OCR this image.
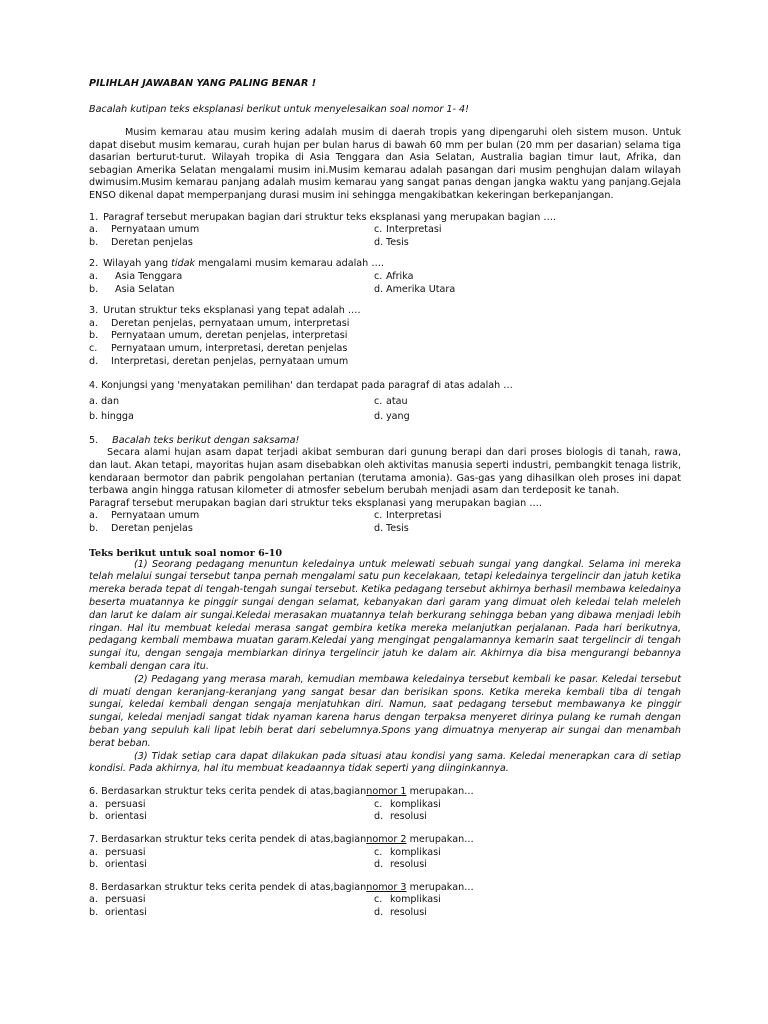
PILIHLAH JAWABAN YANG PALING BENAR !

Bacalah kutipan teks eksplanasi berikut untuk menyelesaikan soal nomor 1- 4!

Musim kemarau atau musim kering adalah musim di daerah tropis yang dipengaruhi oleh sistem muson. Untuk dapat disebut musim kemarau, curah hujan per bulan harus di bawah 60 mm per bulan (20 mm per dasarian) selama tiga dasarian berturut-turut. Wilayah tropika di Asia Tenggara dan Asia Selatan, Australia bagian timur laut, Afrika, dan sebagian Amerika Selatan mengalami musim ini.Musim kemarau adalah pasangan dari musim penghujan dalam wilayah dwimusim.Musim kemarau panjang adalah musim kemarau yang sangat panas dengan jangka waktu yang panjang.Gejala ENSO dikenal dapat memperpanjang durasi musim ini sehingga mengakibatkan kekeringan berkepanjangan.

1. Paragraf tersebut merupakan bagian dari struktur teks eksplanasi yang merupakan bagian ….

a.	Pernyataan umum	c. Interpretasi
b.	Deretan penjelas	d. Tesis

2. Wilayah yang tidak mengalami musim kemarau adalah ….

a.	Asia Tenggara	c. Afrika
b.	Asia Selatan	d. Amerika Utara

3. Urutan struktur teks eksplanasi yang tepat adalah ….

a.	Deretan penjelas, pernyataan umum, interpretasi
b.	Pernyataan umum, deretan penjelas, interpretasi
c.	Pernyataan umum, interpretasi, deretan penjelas
d.	Interpretasi, deretan penjelas, pernyataan umum

4. Konjungsi yang 'menyatakan pemilihan' dan terdapat pada paragraf di atas adalah …

a. dan	c. atau
b. hingga	d. yang

5. Bacalah teks berikut dengan saksama!

Secara alami hujan asam dapat terjadi akibat semburan dari gunung berapi dan dari proses biologis di tanah, rawa, dan laut. Akan tetapi, mayoritas hujan asam disebabkan oleh aktivitas manusia seperti industri, pembangkit tenaga listrik, kendaraan bermotor dan pabrik pengolahan pertanian (terutama amonia). Gas-gas yang dihasilkan oleh proses ini dapat terbawa angin hingga ratusan kilometer di atmosfer sebelum berubah menjadi asam dan terdeposit ke tanah.

Paragraf tersebut merupakan bagian dari struktur teks eksplanasi yang merupakan bagian ….

a.	Pernyataan umum	c. Interpretasi
b.	Deretan penjelas	d. Tesis

Teks berikut untuk soal nomor 6-10

(1) Seorang pedagang menuntun keledainya untuk melewati sebuah sungai yang dangkal. Selama ini mereka telah melalui sungai tersebut tanpa pernah mengalami satu pun kecelakaan, tetapi keledainya tergelincir dan jatuh ketika mereka berada tepat di tengah-tengah sungai tersebut. Ketika pedagang tersebut akhirnya berhasil membawa keledainya beserta muatannya ke pinggir sungai dengan selamat, kebanyakan dari garam yang dimuat oleh keledai telah meleleh dan larut ke dalam air sungai.Keledai merasakan muatannya telah berkurang sehingga beban yang dibawa menjadi lebih ringan. Hal itu membuat keledai merasa sangat gembira ketika mereka melanjutkan perjalanan. Pada hari berikutnya, pedagang kembali membawa muatan garam.Keledai yang mengingat pengalamannya kemarin saat tergelincir di tengah sungai itu, dengan sengaja membiarkan dirinya tergelincir jatuh ke dalam air. Akhirnya dia bisa mengurangi bebannya kembali dengan cara itu.

(2) Pedagang yang merasa marah, kemudian membawa keledainya tersebut kembali ke pasar. Keledai tersebut di muati dengan keranjang-keranjang yang sangat besar dan berisikan spons. Ketika mereka kembali tiba di tengah sungai, keledai kembali dengan sengaja menjatuhkan diri. Namun, saat pedagang tersebut membawanya ke pinggir sungai, keledai menjadi sangat tidak nyaman karena harus dengan terpaksa menyeret dirinya pulang ke rumah dengan beban yang sepuluh kali lipat lebih berat dari sebelumnya.Spons yang dimuatnya menyerap air sungai dan menambah berat beban.

(3) Tidak setiap cara dapat dilakukan pada situasi atau kondisi yang sama. Keledai menerapkan cara di setiap kondisi. Pada akhirnya, hal itu membuat keadaannya tidak seperti yang diinginkannya.

6. Berdasarkan struktur teks cerita pendek di atas,bagiannomor 1 merupakan…

a. persuasi	c. komplikasi
b. orientasi	d. resolusi

7. Berdasarkan struktur teks cerita pendek di atas,bagiannomor 2 merupakan…

a. persuasi	c. komplikasi
b. orientasi	d. resolusi

8. Berdasarkan struktur teks cerita pendek di atas,bagiannomor 3 merupakan…

a. persuasi	c. komplikasi
b. orientasi	d. resolusi
